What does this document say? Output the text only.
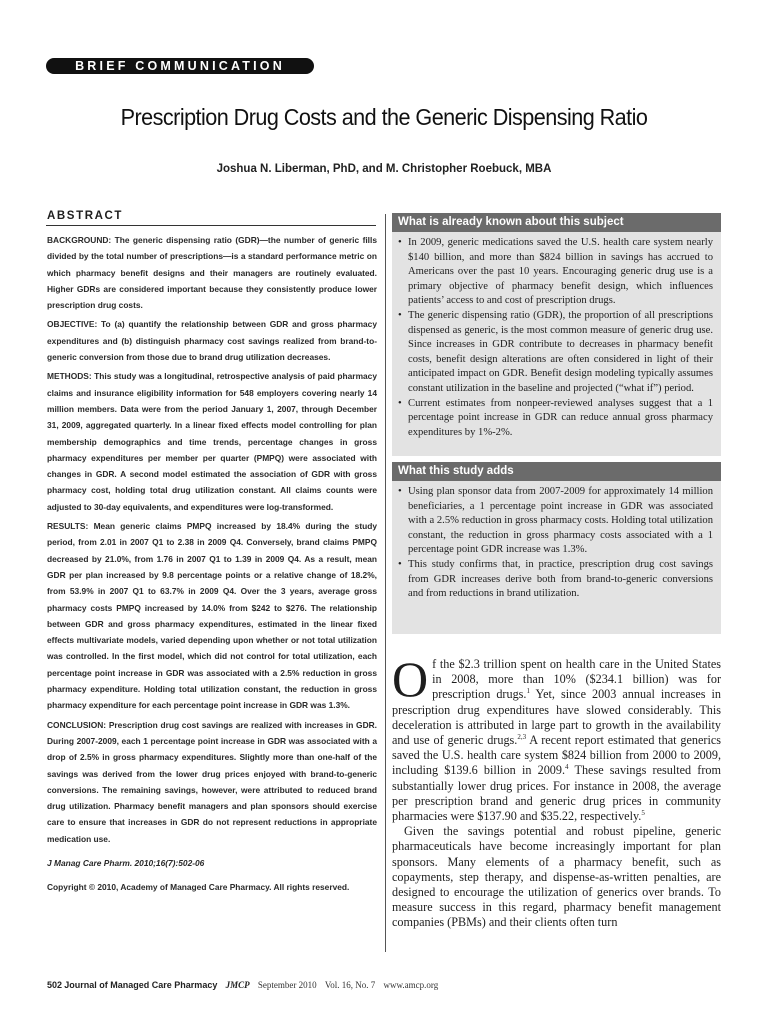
BRIEF COMMUNICATION
Prescription Drug Costs and the Generic Dispensing Ratio
Joshua N. Liberman, PhD, and M. Christopher Roebuck, MBA
ABSTRACT

BACKGROUND: The generic dispensing ratio (GDR)—the number of generic fills divided by the total number of prescriptions—is a standard performance metric on which pharmacy benefit designs and their managers are routinely evaluated. Higher GDRs are considered important because they consistently produce lower prescription drug costs.

OBJECTIVE: To (a) quantify the relationship between GDR and gross pharmacy expenditures and (b) distinguish pharmacy cost savings realized from brand-to-generic conversion from those due to brand drug utilization decreases.

METHODS: This study was a longitudinal, retrospective analysis of paid pharmacy claims and insurance eligibility information for 548 employers covering nearly 14 million members. Data were from the period January 1, 2007, through December 31, 2009, aggregated quarterly. In a linear fixed effects model controlling for plan membership demographics and time trends, percentage changes in gross pharmacy expenditures per member per quarter (PMPQ) were associated with changes in GDR. A second model estimated the association of GDR with gross pharmacy cost, holding total drug utilization constant. All claims counts were adjusted to 30-day equivalents, and expenditures were log-transformed.

RESULTS: Mean generic claims PMPQ increased by 18.4% during the study period, from 2.01 in 2007 Q1 to 2.38 in 2009 Q4. Conversely, brand claims PMPQ decreased by 21.0%, from 1.76 in 2007 Q1 to 1.39 in 2009 Q4. As a result, mean GDR per plan increased by 9.8 percentage points or a relative change of 18.2%, from 53.9% in 2007 Q1 to 63.7% in 2009 Q4. Over the 3 years, average gross pharmacy costs PMPQ increased by 14.0% from $242 to $276. The relationship between GDR and gross pharmacy expenditures, estimated in the linear fixed effects multivariate models, varied depending upon whether or not total utilization was controlled. In the first model, which did not control for total utilization, each percentage point increase in GDR was associated with a 2.5% reduction in gross pharmacy expenditure. Holding total utilization constant, the reduction in gross pharmacy expenditure for each percentage point increase in GDR was 1.3%.

CONCLUSION: Prescription drug cost savings are realized with increases in GDR. During 2007-2009, each 1 percentage point increase in GDR was associated with a drop of 2.5% in gross pharmacy expenditures. Slightly more than one-half of the savings was derived from the lower drug prices enjoyed with brand-to-generic conversions. The remaining savings, however, were attributed to reduced brand drug utilization. Pharmacy benefit managers and plan sponsors should exercise care to ensure that increases in GDR do not represent reductions in appropriate medication use.

J Manag Care Pharm. 2010;16(7):502-06

Copyright © 2010, Academy of Managed Care Pharmacy. All rights reserved.

What is already known about this subject
• In 2009, generic medications saved the U.S. health care system nearly $140 billion, and more than $824 billion in savings has accrued to Americans over the past 10 years. Encouraging generic drug use is a primary objective of pharmacy benefit design, which influences patients’ access to and cost of prescription drugs.
• The generic dispensing ratio (GDR), the proportion of all prescriptions dispensed as generic, is the most common measure of generic drug use. Since increases in GDR contribute to decreases in pharmacy benefit costs, benefit design alterations are often considered in light of their anticipated impact on GDR. Benefit design modeling typically assumes constant utilization in the baseline and projected (“what if”) period.
• Current estimates from nonpeer-reviewed analyses suggest that a 1 percentage point increase in GDR can reduce annual gross pharmacy expenditures by 1%-2%.
What this study adds
• Using plan sponsor data from 2007-2009 for approximately 14 million beneficiaries, a 1 percentage point increase in GDR was associated with a 2.5% reduction in gross pharmacy costs. Holding total utilization constant, the reduction in gross pharmacy costs associated with a 1 percentage point GDR increase was 1.3%.
• This study confirms that, in practice, prescription drug cost savings from GDR increases derive both from brand-to-generic conversions and from reductions in brand utilization.

Of the $2.3 trillion spent on health care in the United States in 2008, more than 10% ($234.1 billion) was for prescription drugs.$^1$ Yet, since 2003 annual increases in prescription drug expenditures have slowed considerably. This deceleration is attributed in large part to growth in the availability and use of generic drugs.$^{2,3}$ A recent report estimated that generics saved the U.S. health care system $824 billion from 2000 to 2009, including $139.6 billion in 2009.$^4$ These savings resulted from substantially lower drug prices. For instance in 2008, the average per prescription brand and generic drug prices in community pharmacies were $137.90 and $35.22, respectively.$^5$

Given the savings potential and robust pipeline, generic pharmaceuticals have become increasingly important for plan sponsors. Many elements of a pharmacy benefit, such as copayments, step therapy, and dispense-as-written penalties, are designed to encourage the utilization of generics over brands. To measure success in this regard, pharmacy benefit management companies (PBMs) and their clients often turn

502 Journal of Managed Care Pharmacy JMCP September 2010 Vol. 16, No. 7 www.amcp.org
